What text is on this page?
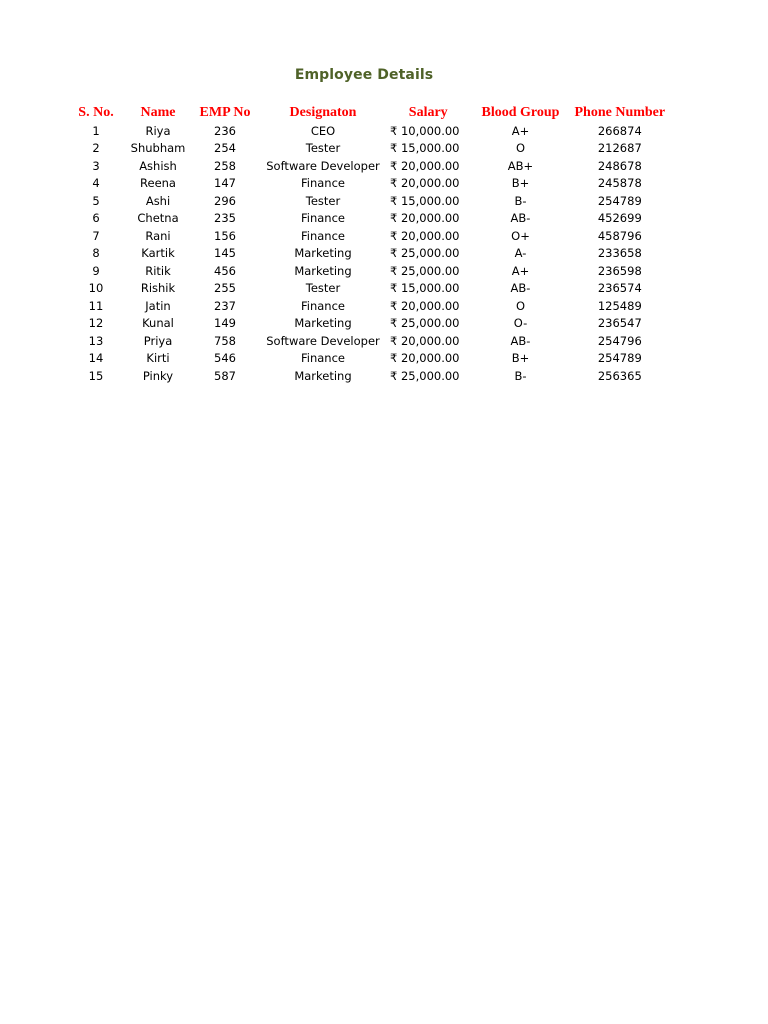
Employee Details
S. No.	Name	EMP No	Designaton	Salary	Blood Group	Phone Number
1	Riya	236	CEO	₹ 10,000.00	A+	266874
2	Shubham	254	Tester	₹ 15,000.00	O	212687
3	Ashish	258	Software Developer	₹ 20,000.00	AB+	248678
4	Reena	147	Finance	₹ 20,000.00	B+	245878
5	Ashi	296	Tester	₹ 15,000.00	B-	254789
6	Chetna	235	Finance	₹ 20,000.00	AB-	452699
7	Rani	156	Finance	₹ 20,000.00	O+	458796
8	Kartik	145	Marketing	₹ 25,000.00	A-	233658
9	Ritik	456	Marketing	₹ 25,000.00	A+	236598
10	Rishik	255	Tester	₹ 15,000.00	AB-	236574
11	Jatin	237	Finance	₹ 20,000.00	O	125489
12	Kunal	149	Marketing	₹ 25,000.00	O-	236547
13	Priya	758	Software Developer	₹ 20,000.00	AB-	254796
14	Kirti	546	Finance	₹ 20,000.00	B+	254789
15	Pinky	587	Marketing	₹ 25,000.00	B-	256365
